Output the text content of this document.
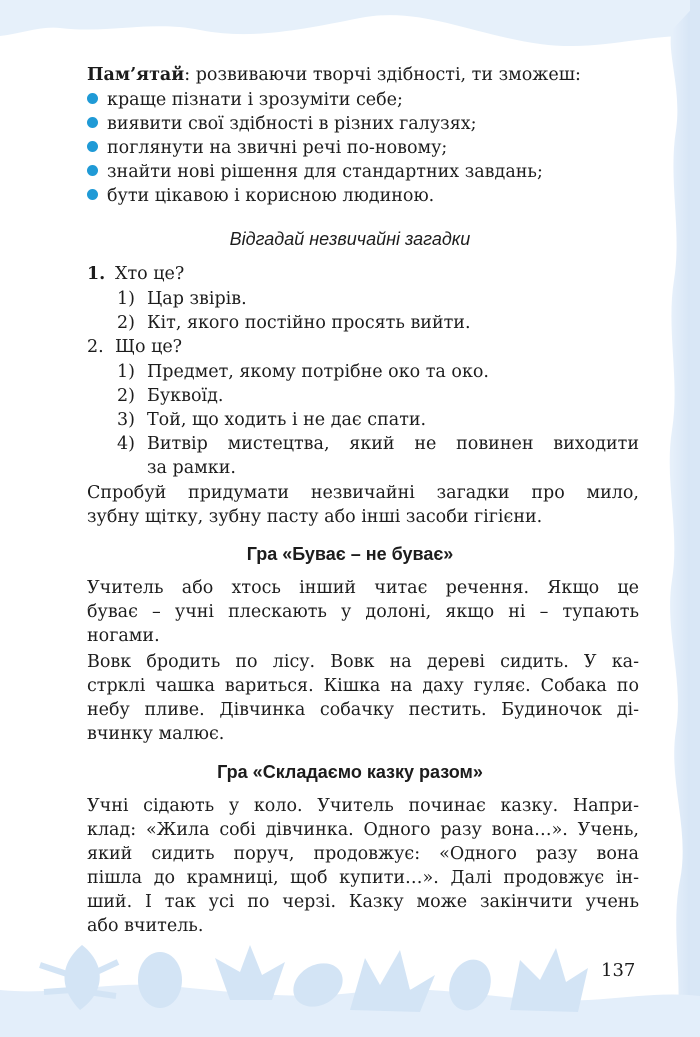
Пам’ятай: розвиваючи творчі здібності, ти зможеш:
краще пізнати і зрозуміти себе;
виявити свої здібності в різних галузях;
поглянути на звичні речі по-новому;
знайти нові рішення для стандартних завдань;
бути цікавою і корисною людиною.
Відгадай незвичайні загадки
1. Хто це?
1) Цар звірів.
2) Кіт, якого постійно просять вийти.
2. Що це?
1) Предмет, якому потрібне око та око.
2) Буквоїд.
3) Той, що ходить і не дає спати.
4) Витвір мистецтва, який не повинен виходити
за рамки.
Спробуй придумати незвичайні загадки про мило,
зубну щітку, зубну пасту або інші засоби гігієни.
Гра «Буває – не буває»
Учитель або хтось інший читає речення. Якщо це
буває – учні плескають у долоні, якщо ні – тупають
ногами.
Вовк бродить по лісу. Вовк на дереві сидить. У ка-
стрклі чашка вариться. Кішка на даху гуляє. Собака по
небу пливе. Дівчинка собачку пестить. Будиночок ді-
вчинку малює.
Гра «Складаємо казку разом»
Учні сідають у коло. Учитель починає казку. Напри-
клад: «Жила собі дівчинка. Одного разу вона…». Учень,
який сидить поруч, продовжує: «Одного разу вона
пішла до крамниці, щоб купити…». Далі продовжує ін-
ший. І так усі по черзі. Казку може закінчити учень
або вчитель.
137
